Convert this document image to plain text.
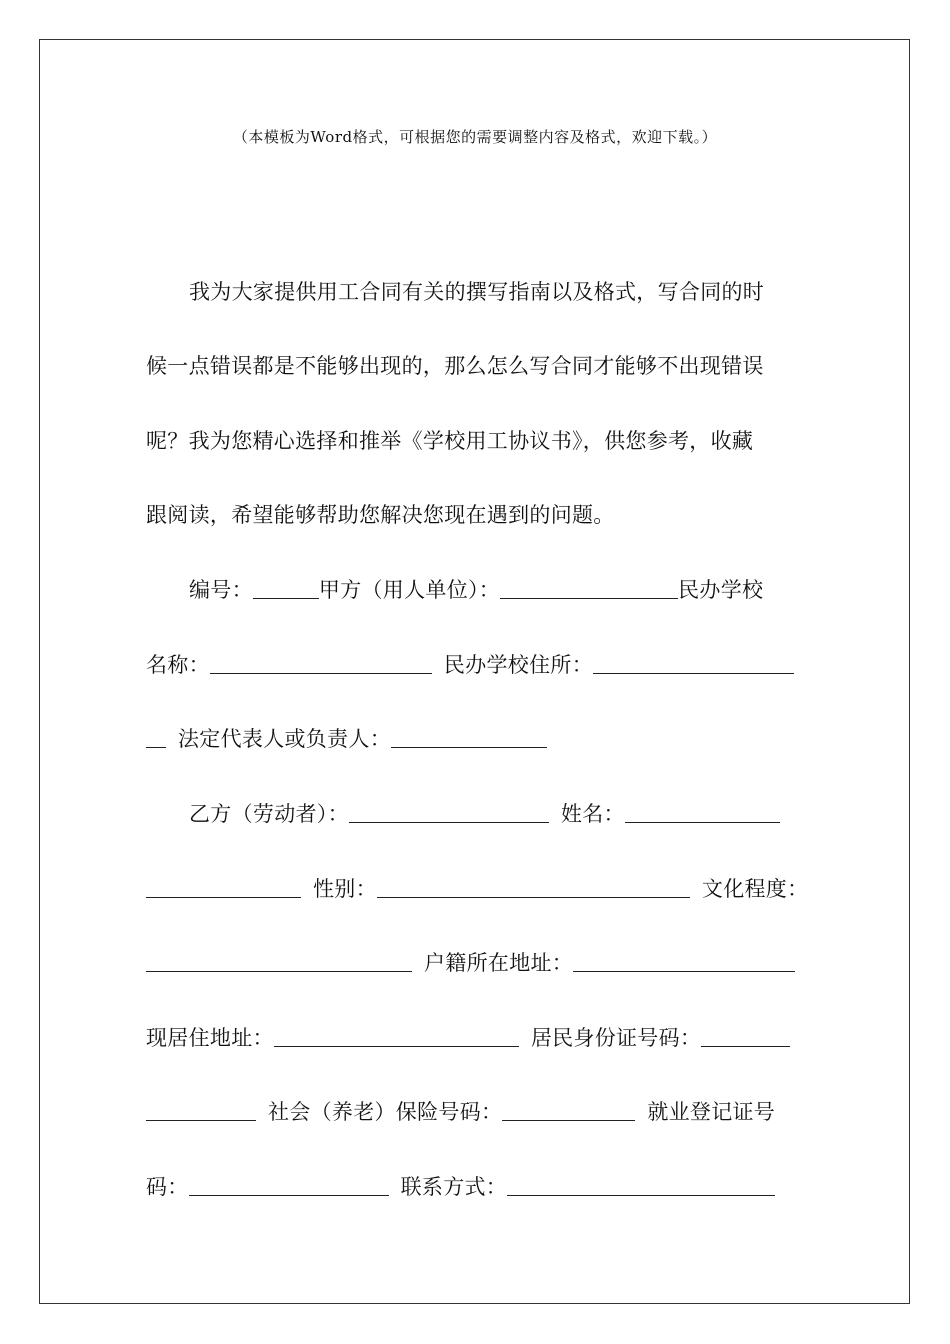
（本模板为Word格式，可根据您的需要调整内容及格式，欢迎下载。）
我为大家提供用工合同有关的撰写指南以及格式，写合同的时
候一点错误都是不能够出现的，那么怎么写合同才能够不出现错误
呢？我为您精心选择和推举《学校用工协议书》，供您参考，收藏
跟阅读，希望能够帮助您解决您现在遇到的问题。
编号：	甲方（用人单位）：	民办学校
名称：	民办学校住所：
法定代表人或负责人：
乙方（劳动者）：	姓名：
性别：	文化程度：
户籍所在地址：
现居住地址：	居民身份证号码：
社会（养老）保险号码：	就业登记证号
码：	联系方式：
